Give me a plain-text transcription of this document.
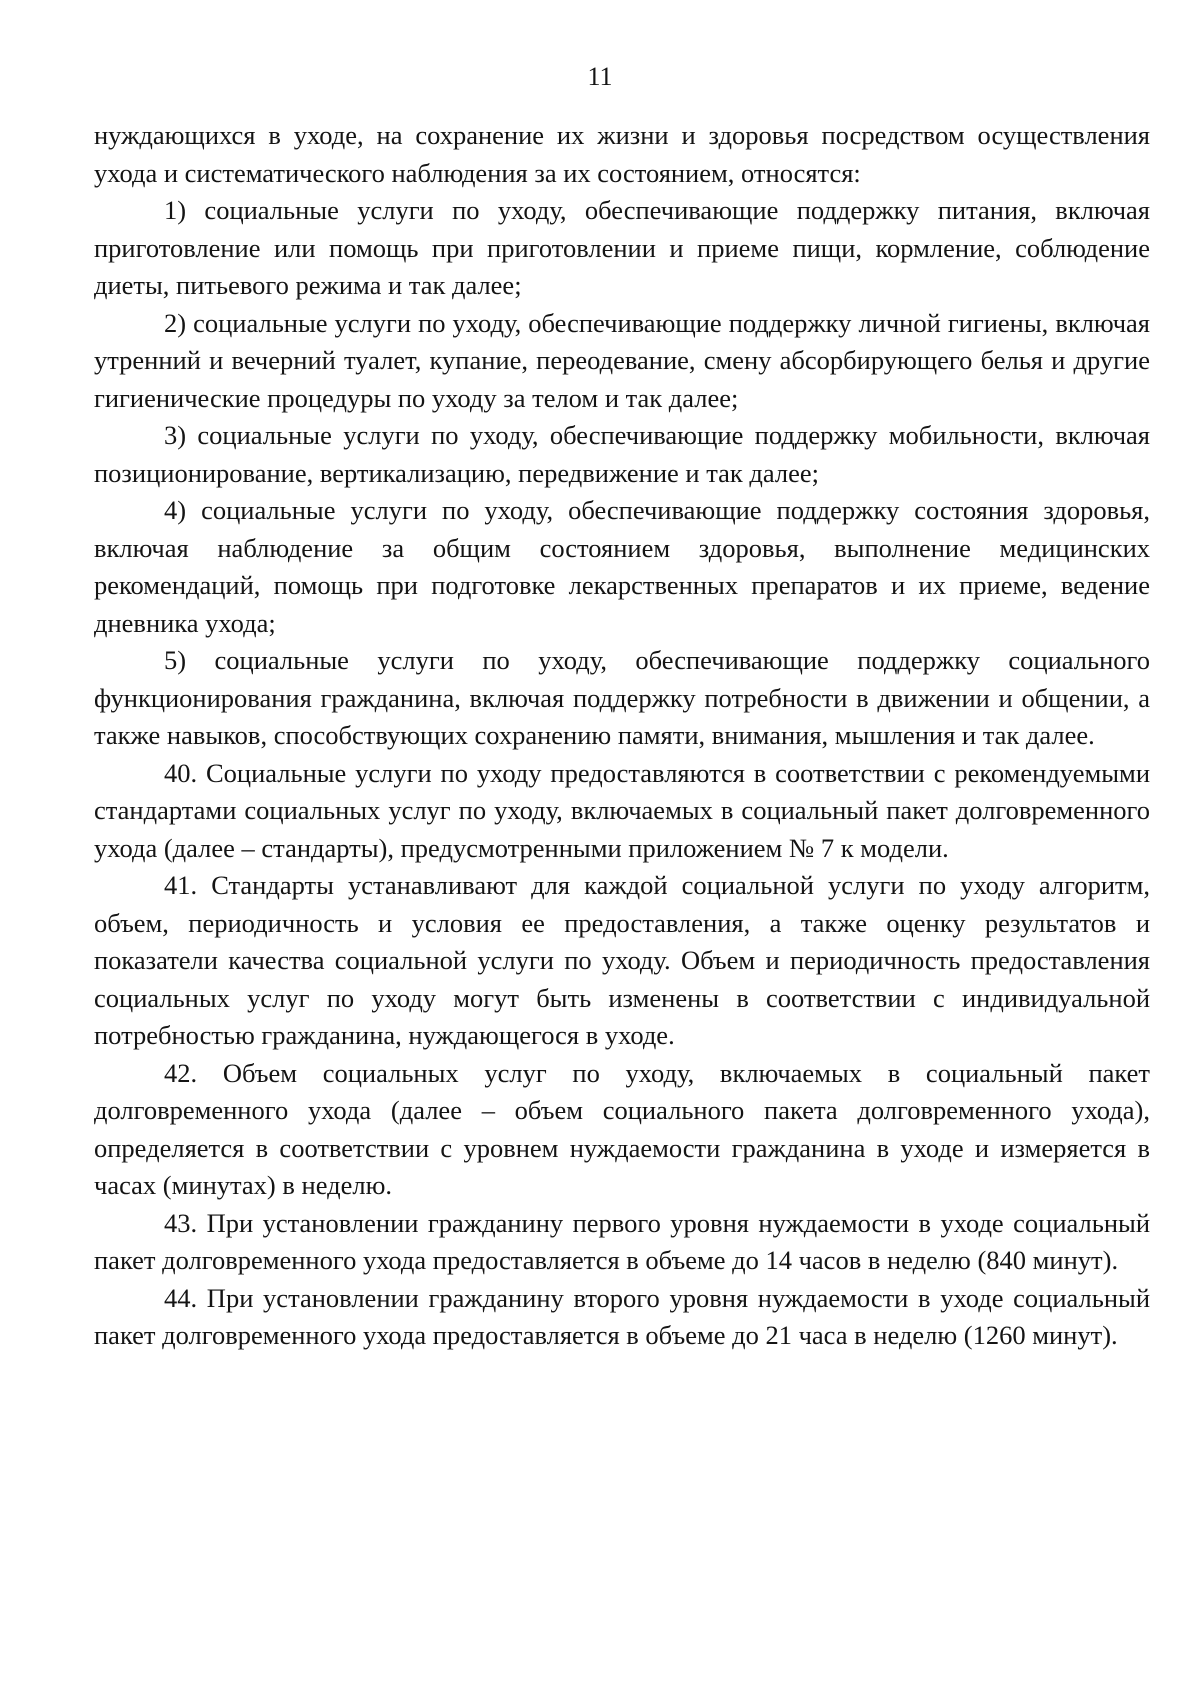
11

нуждающихся в уходе, на сохранение их жизни и здоровья посредством осуществления ухода и систематического наблюдения за их состоянием, относятся:

1) социальные услуги по уходу, обеспечивающие поддержку питания, включая приготовление или помощь при приготовлении и приеме пищи, кормление, соблюдение диеты, питьевого режима и так далее;

2) социальные услуги по уходу, обеспечивающие поддержку личной гигиены, включая утренний и вечерний туалет, купание, переодевание, смену абсорбирующего белья и другие гигиенические процедуры по уходу за телом и так далее;

3) социальные услуги по уходу, обеспечивающие поддержку мобильности, включая позиционирование, вертикализацию, передвижение и так далее;

4) социальные услуги по уходу, обеспечивающие поддержку состояния здоровья, включая наблюдение за общим состоянием здоровья, выполнение медицинских рекомендаций, помощь при подготовке лекарственных препаратов и их приеме, ведение дневника ухода;

5) социальные услуги по уходу, обеспечивающие поддержку социального функционирования гражданина, включая поддержку потребности в движении и общении, а также навыков, способствующих сохранению памяти, внимания, мышления и так далее.

40. Социальные услуги по уходу предоставляются в соответствии с рекомендуемыми стандартами социальных услуг по уходу, включаемых в социальный пакет долговременного ухода (далее – стандарты), предусмотренными приложением № 7 к модели.

41. Стандарты устанавливают для каждой социальной услуги по уходу алгоритм, объем, периодичность и условия ее предоставления, а также оценку результатов и показатели качества социальной услуги по уходу. Объем и периодичность предоставления социальных услуг по уходу могут быть изменены в соответствии с индивидуальной потребностью гражданина, нуждающегося в уходе.

42. Объем социальных услуг по уходу, включаемых в социальный пакет долговременного ухода (далее – объем социального пакета долговременного ухода), определяется в соответствии с уровнем нуждаемости гражданина в уходе и измеряется в часах (минутах) в неделю.

43. При установлении гражданину первого уровня нуждаемости в уходе социальный пакет долговременного ухода предоставляется в объеме до 14 часов в неделю (840 минут).

44. При установлении гражданину второго уровня нуждаемости в уходе социальный пакет долговременного ухода предоставляется в объеме до 21 часа в неделю (1260 минут).
